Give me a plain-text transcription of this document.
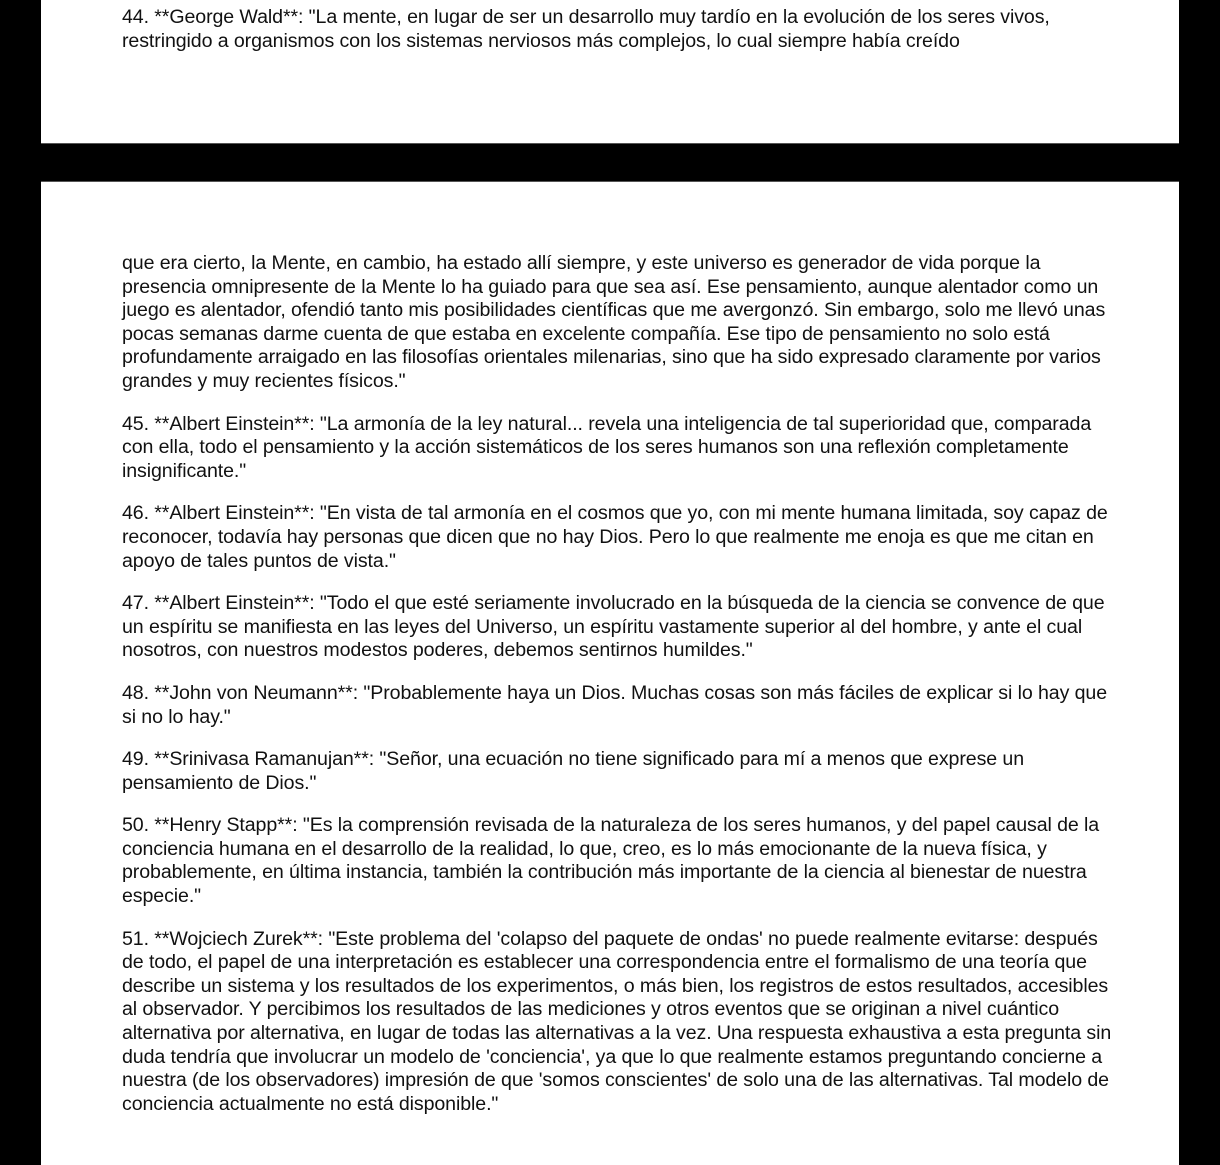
44. **George Wald**: "La mente, en lugar de ser un desarrollo muy tardío en la evolución de los seres vivos, restringido a organismos con los sistemas nerviosos más complejos, lo cual siempre había creído

que era cierto, la Mente, en cambio, ha estado allí siempre, y este universo es generador de vida porque la presencia omnipresente de la Mente lo ha guiado para que sea así. Ese pensamiento, aunque alentador como un juego es alentador, ofendió tanto mis posibilidades científicas que me avergonzó. Sin embargo, solo me llevó unas pocas semanas darme cuenta de que estaba en excelente compañía. Ese tipo de pensamiento no solo está profundamente arraigado en las filosofías orientales milenarias, sino que ha sido expresado claramente por varios grandes y muy recientes físicos."

45. **Albert Einstein**: "La armonía de la ley natural... revela una inteligencia de tal superioridad que, comparada con ella, todo el pensamiento y la acción sistemáticos de los seres humanos son una reflexión completamente insignificante."

46. **Albert Einstein**: "En vista de tal armonía en el cosmos que yo, con mi mente humana limitada, soy capaz de reconocer, todavía hay personas que dicen que no hay Dios. Pero lo que realmente me enoja es que me citan en apoyo de tales puntos de vista."

47. **Albert Einstein**: "Todo el que esté seriamente involucrado en la búsqueda de la ciencia se convence de que un espíritu se manifiesta en las leyes del Universo, un espíritu vastamente superior al del hombre, y ante el cual nosotros, con nuestros modestos poderes, debemos sentirnos humildes."

48. **John von Neumann**: "Probablemente haya un Dios. Muchas cosas son más fáciles de explicar si lo hay que si no lo hay."

49. **Srinivasa Ramanujan**: "Señor, una ecuación no tiene significado para mí a menos que exprese un pensamiento de Dios."

50. **Henry Stapp**: "Es la comprensión revisada de la naturaleza de los seres humanos, y del papel causal de la conciencia humana en el desarrollo de la realidad, lo que, creo, es lo más emocionante de la nueva física, y probablemente, en última instancia, también la contribución más importante de la ciencia al bienestar de nuestra especie."

51. **Wojciech Zurek**: "Este problema del 'colapso del paquete de ondas' no puede realmente evitarse: después de todo, el papel de una interpretación es establecer una correspondencia entre el formalismo de una teoría que describe un sistema y los resultados de los experimentos, o más bien, los registros de estos resultados, accesibles al observador. Y percibimos los resultados de las mediciones y otros eventos que se originan a nivel cuántico alternativa por alternativa, en lugar de todas las alternativas a la vez. Una respuesta exhaustiva a esta pregunta sin duda tendría que involucrar un modelo de 'conciencia', ya que lo que realmente estamos preguntando concierne a nuestra (de los observadores) impresión de que 'somos conscientes' de solo una de las alternativas. Tal modelo de conciencia actualmente no está disponible."
